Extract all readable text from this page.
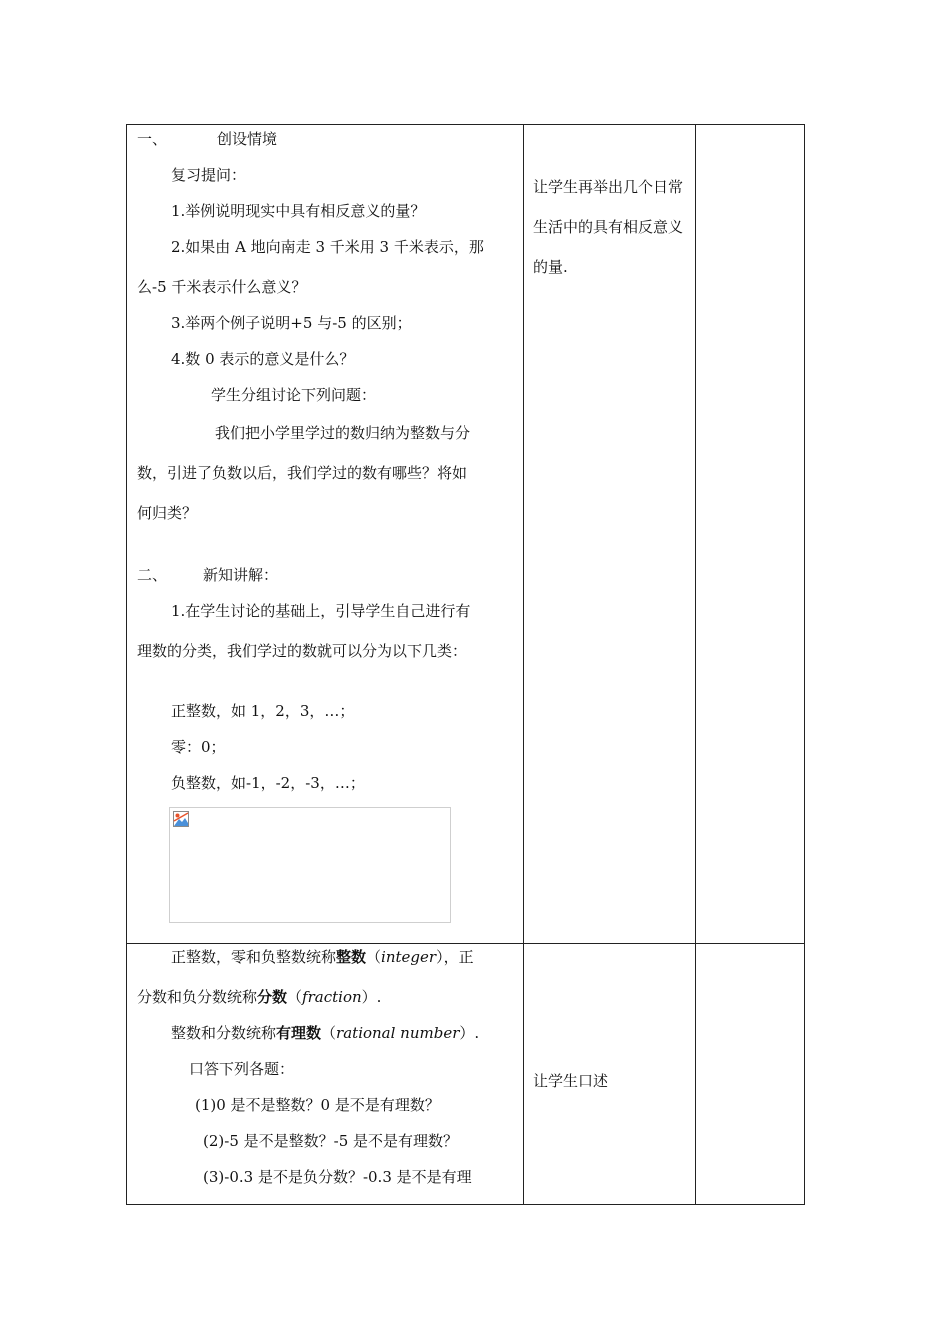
一、	创设情境
复习提问：
1.举例说明现实中具有相反意义的量？
2.如果由 A 地向南走 3 千米用 3 千米表示，那
么-5 千米表示什么意义？
3.举两个例子说明+5 与-5 的区别；
4.数 0 表示的意义是什么？
学生分组讨论下列问题：
我们把小学里学过的数归纳为整数与分
数，引进了负数以后，我们学过的数有哪些？将如
何归类？
二、 新知讲解：
1.在学生讨论的基础上，引导学生自己进行有
理数的分类，我们学过的数就可以分为以下几类：
正整数，如 1，2，3，…；
零：0；
负整数，如-1，-2，-3，…；
让学生再举出几个日常生活中的具有相反意义的量.
正整数，零和负整数统称整数（integer），正
分数和负分数统称分数（fraction）.
整数和分数统称有理数（rational number）.
口答下列各题：
(1)0 是不是整数？0 是不是有理数？
(2)-5 是不是整数？-5 是不是有理数？
(3)-0.3 是不是负分数？-0.3 是不是有理
让学生口述
